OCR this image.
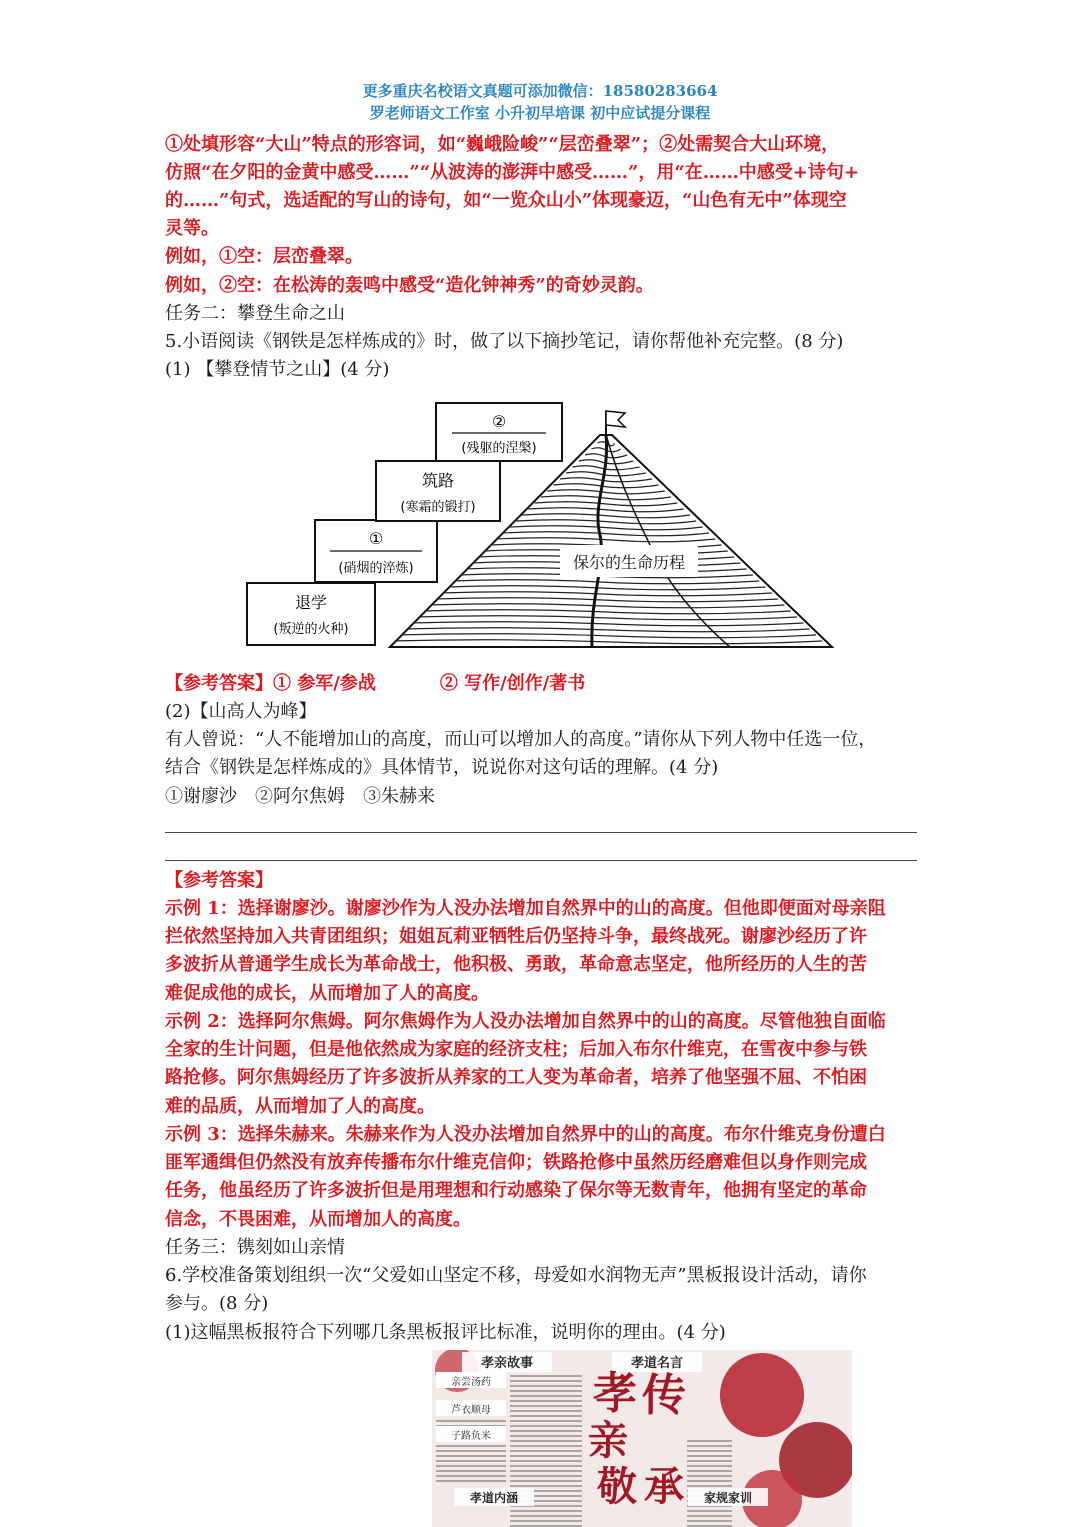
更多重庆名校语文真题可添加微信：18580283664
罗老师语文工作室 小升初早培课 初中应试提分课程
①处填形容“大山”特点的形容词，如“巍峨险峻”“层峦叠翠”；②处需契合大山环境，
仿照“在夕阳的金黄中感受……”“从波涛的澎湃中感受……”，用“在……中感受+诗句+
的……”句式，选适配的写山的诗句，如“一览众山小”体现豪迈，“山色有无中”体现空
灵等。
例如，①空：层峦叠翠。
例如，②空：在松涛的轰鸣中感受“造化钟神秀”的奇妙灵韵。
任务二：攀登生命之山
5.小语阅读《钢铁是怎样炼成的》时，做了以下摘抄笔记，请你帮他补充完整。(8 分)
(1) 【攀登情节之山】(4 分)
保尔的生命历程
退学
(叛逆的火种)
①
(硝烟的淬炼)
筑路
(寒霜的锻打)
②
(残躯的涅槃)
【参考答案】① 参军/参战	② 写作/创作/著书
(2)【山高人为峰】
有人曾说：“人不能增加山的高度，而山可以增加人的高度。”请你从下列人物中任选一位，
结合《钢铁是怎样炼成的》具体情节，说说你对这句话的理解。(4 分)
①谢廖沙 ②阿尔焦姆 ③朱赫来
【参考答案】
示例 1：选择谢廖沙。谢廖沙作为人没办法增加自然界中的山的高度。但他即便面对母亲阻
拦依然坚持加入共青团组织；姐姐瓦莉亚牺牲后仍坚持斗争，最终战死。谢廖沙经历了许
多波折从普通学生成长为革命战士，他积极、勇敢，革命意志坚定，他所经历的人生的苦
难促成他的成长，从而增加了人的高度。
示例 2：选择阿尔焦姆。阿尔焦姆作为人没办法增加自然界中的山的高度。尽管他独自面临
全家的生计问题，但是他依然成为家庭的经济支柱；后加入布尔什维克，在雪夜中参与铁
路抢修。阿尔焦姆经历了许多波折从养家的工人变为革命者，培养了他坚强不屈、不怕困
难的品质，从而增加了人的高度。
示例 3：选择朱赫来。朱赫来作为人没办法增加自然界中的山的高度。布尔什维克身份遭白
匪军通缉但仍然没有放弃传播布尔什维克信仰；铁路抢修中虽然历经磨难但以身作则完成
任务，他虽经历了许多波折但是用理想和行动感染了保尔等无数青年，他拥有坚定的革命
信念，不畏困难，从而增加人的高度。
任务三：镌刻如山亲情
6.学校准备策划组织一次“父爱如山坚定不移，母爱如水润物无声”黑板报设计活动，请你
参与。(8 分)
(1)这幅黑板报符合下列哪几条黑板报评比标准，说明你的理由。(4 分)
孝亲故事	孝道名言
亲尝汤药
芦衣顺母
子路负米
孝 传
亲
敬 承
孝道内涵	家规家训
